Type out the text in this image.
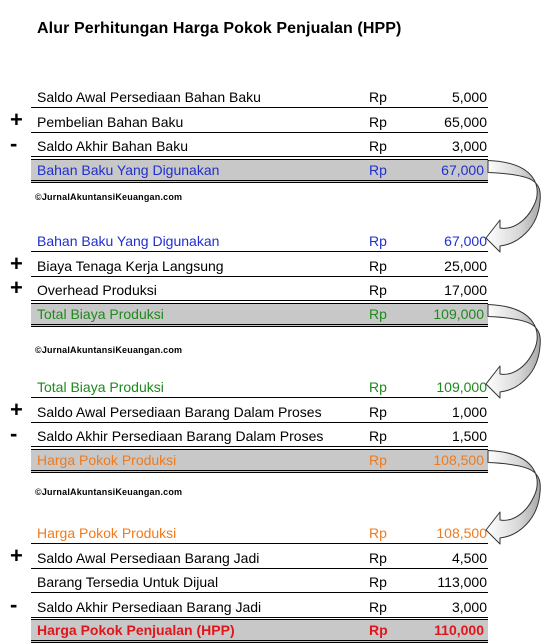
Alur Perhitungan Harga Pokok Penjualan (HPP)
Saldo Awal Persediaan Bahan Baku	Rp	5,000
+ Pembelian Bahan Baku	Rp	65,000
- Saldo Akhir Bahan Baku	Rp	3,000
Bahan Baku Yang Digunakan	Rp	67,000
©JurnalAkuntansiKeuangan.com
Bahan Baku Yang Digunakan	Rp	67,000
+ Biaya Tenaga Kerja Langsung	Rp	25,000
+ Overhead Produksi	Rp	17,000
Total Biaya Produksi	Rp	109,000
©JurnalAkuntansiKeuangan.com
Total Biaya Produksi	Rp	109,000
+ Saldo Awal Persediaan Barang Dalam Proses	Rp	1,000
- Saldo Akhir Persediaan Barang Dalam Proses	Rp	1,500
Harga Pokok Produksi	Rp	108,500
©JurnalAkuntansiKeuangan.com
Harga Pokok Produksi	Rp	108,500
+ Saldo Awal Persediaan Barang Jadi	Rp	4,500
Barang Tersedia Untuk Dijual	Rp	113,000
- Saldo Akhir Persediaan Barang Jadi	Rp	3,000
Harga Pokok Penjualan (HPP)	Rp	110,000
